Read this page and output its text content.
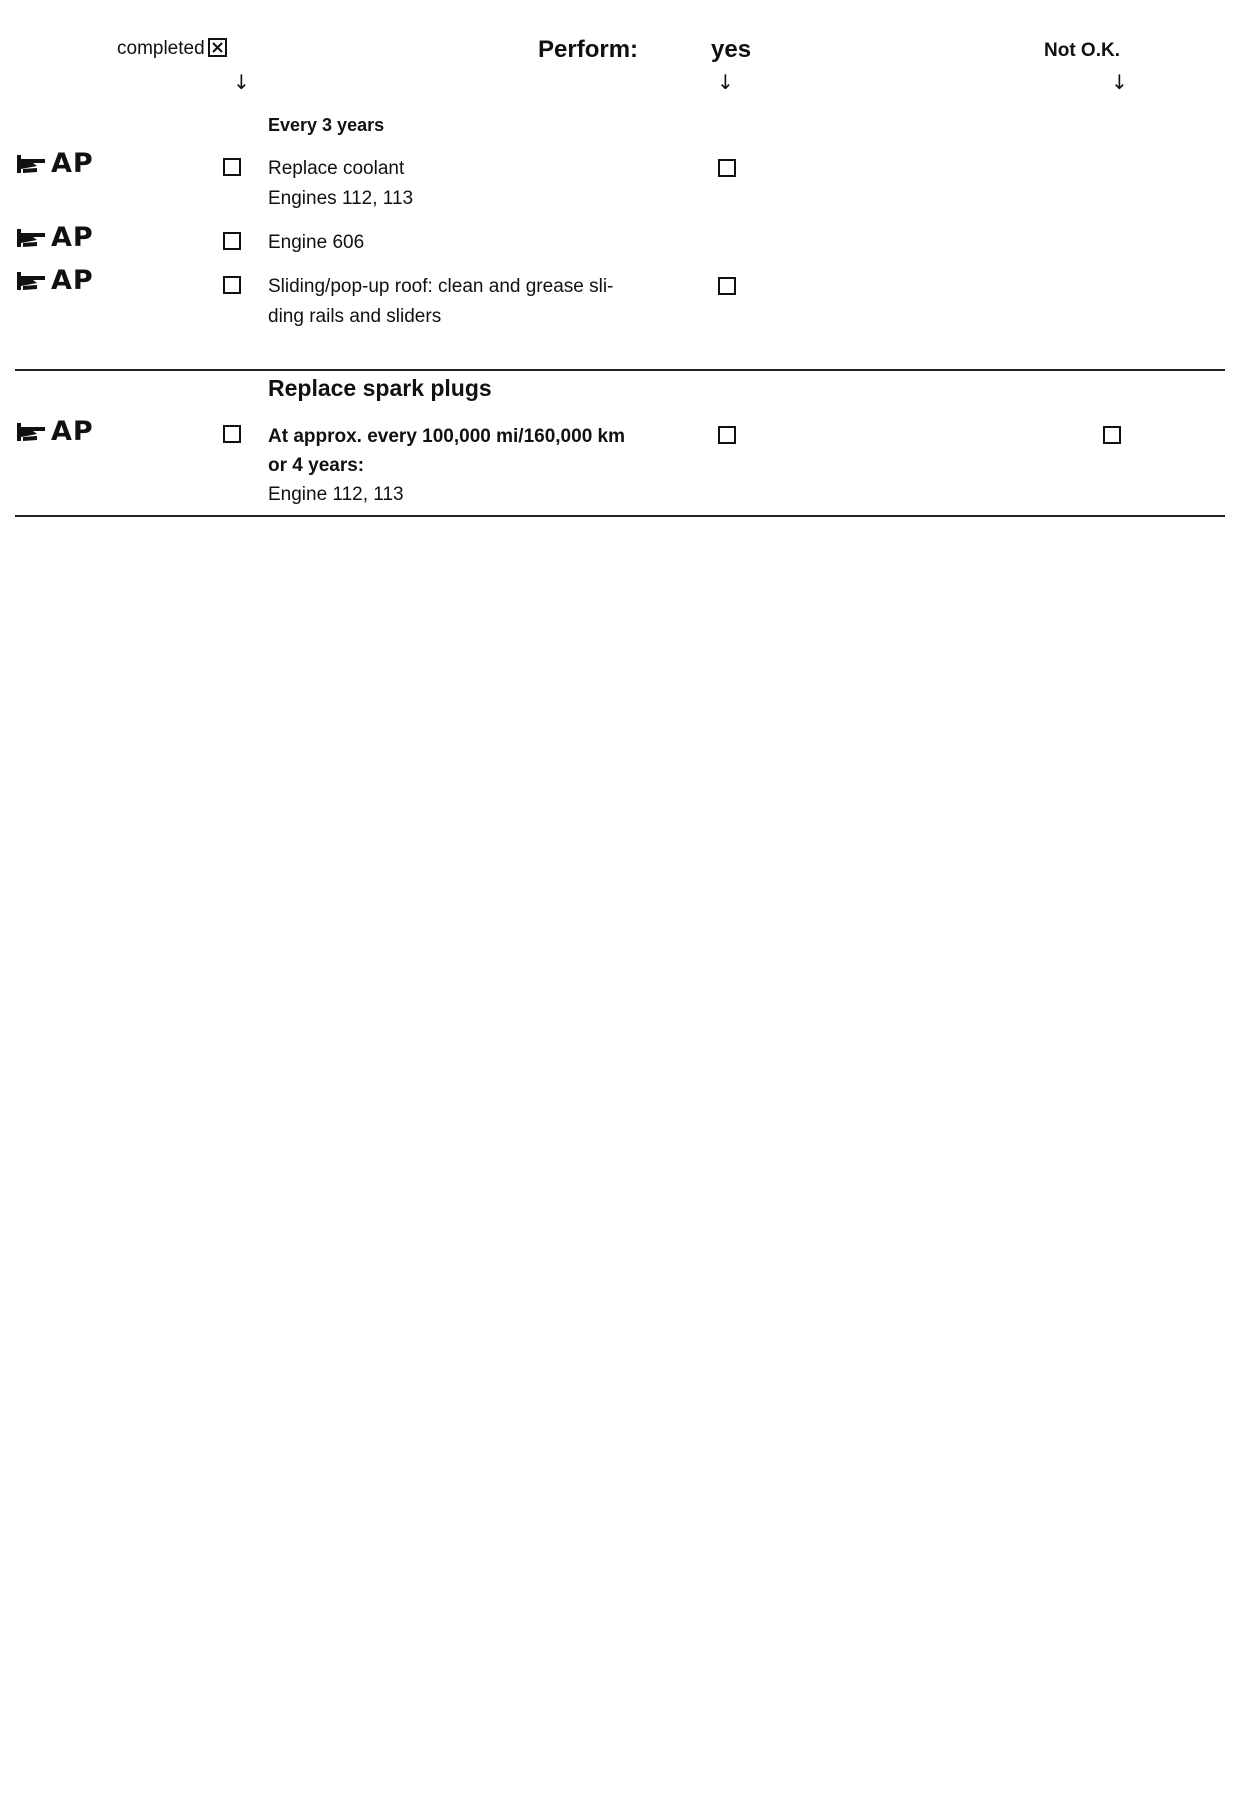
completed
↓
Perform:	yes
↓
Not O.K.
↓
Every 3 years
AP	Replace coolant
Engines 112, 113
AP	Engine 606
AP	Sliding/pop-up roof: clean and grease sli-
ding rails and sliders
Replace spark plugs
AP	At approx. every 100,000 mi/160,000 km
or 4 years:
Engine 112, 113
